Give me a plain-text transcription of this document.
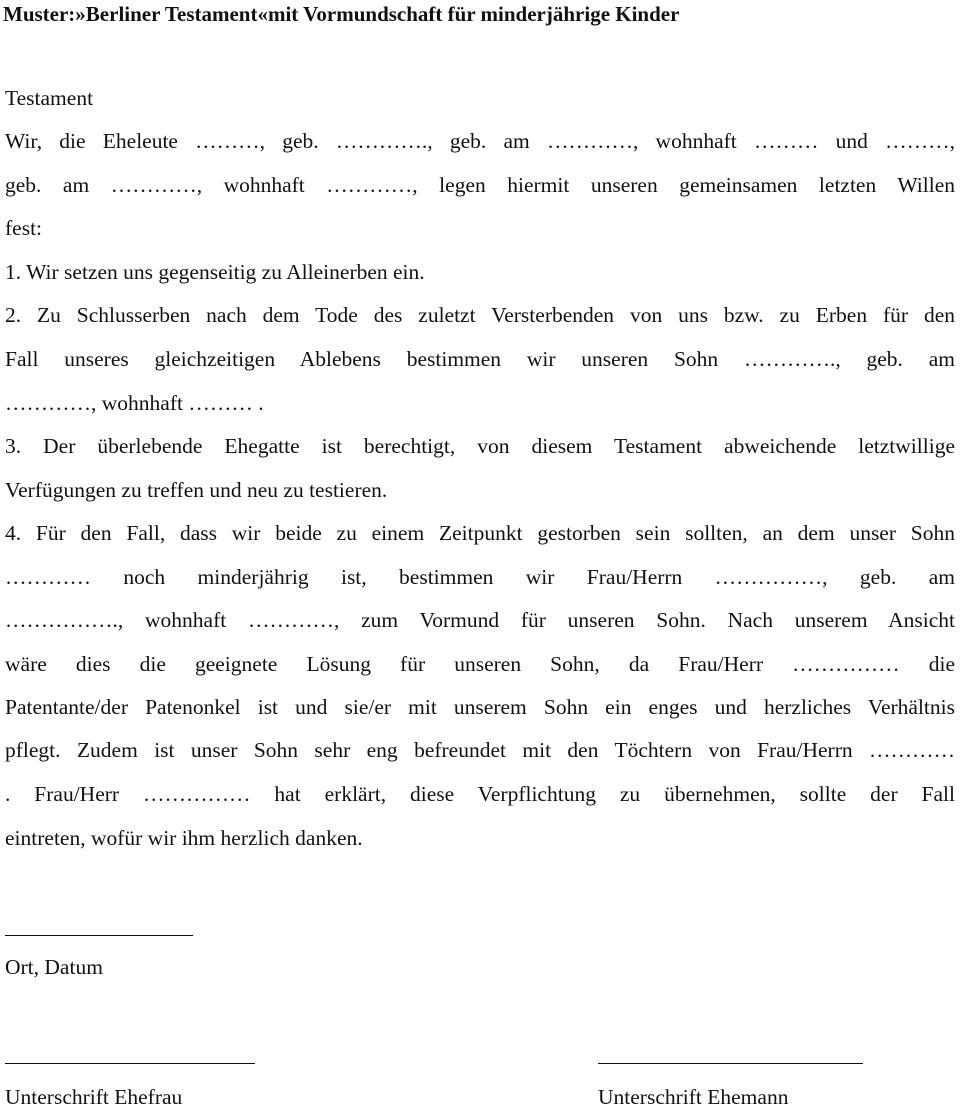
Muster:»Berliner Testament«mit Vormundschaft für minderjährige Kinder
Testament
Wir, die Eheleute ………, geb. …………., geb. am …………, wohnhaft ……… und ………,
geb. am …………, wohnhaft …………, legen hiermit unseren gemeinsamen letzten Willen
fest:
1. Wir setzen uns gegenseitig zu Alleinerben ein.
2. Zu Schlusserben nach dem Tode des zuletzt Versterbenden von uns bzw. zu Erben für den
Fall unseres gleichzeitigen Ablebens bestimmen wir unseren Sohn …………., geb. am
…………, wohnhaft ……… .
3. Der überlebende Ehegatte ist berechtigt, von diesem Testament abweichende letztwillige
Verfügungen zu treffen und neu zu testieren.
4. Für den Fall, dass wir beide zu einem Zeitpunkt gestorben sein sollten, an dem unser Sohn
………… noch minderjährig ist, bestimmen wir Frau/Herrn ……………, geb. am
……………., wohnhaft …………, zum Vormund für unseren Sohn. Nach unserem Ansicht
wäre dies die geeignete Lösung für unseren Sohn, da Frau/Herr …………… die
Patentante/der Patenonkel ist und sie/er mit unserem Sohn ein enges und herzliches Verhältnis
pflegt. Zudem ist unser Sohn sehr eng befreundet mit den Töchtern von Frau/Herrn …………
. Frau/Herr …………… hat erklärt, diese Verpflichtung zu übernehmen, sollte der Fall
eintreten, wofür wir ihm herzlich danken.
Ort, Datum
Unterschrift Ehefrau	Unterschrift Ehemann
